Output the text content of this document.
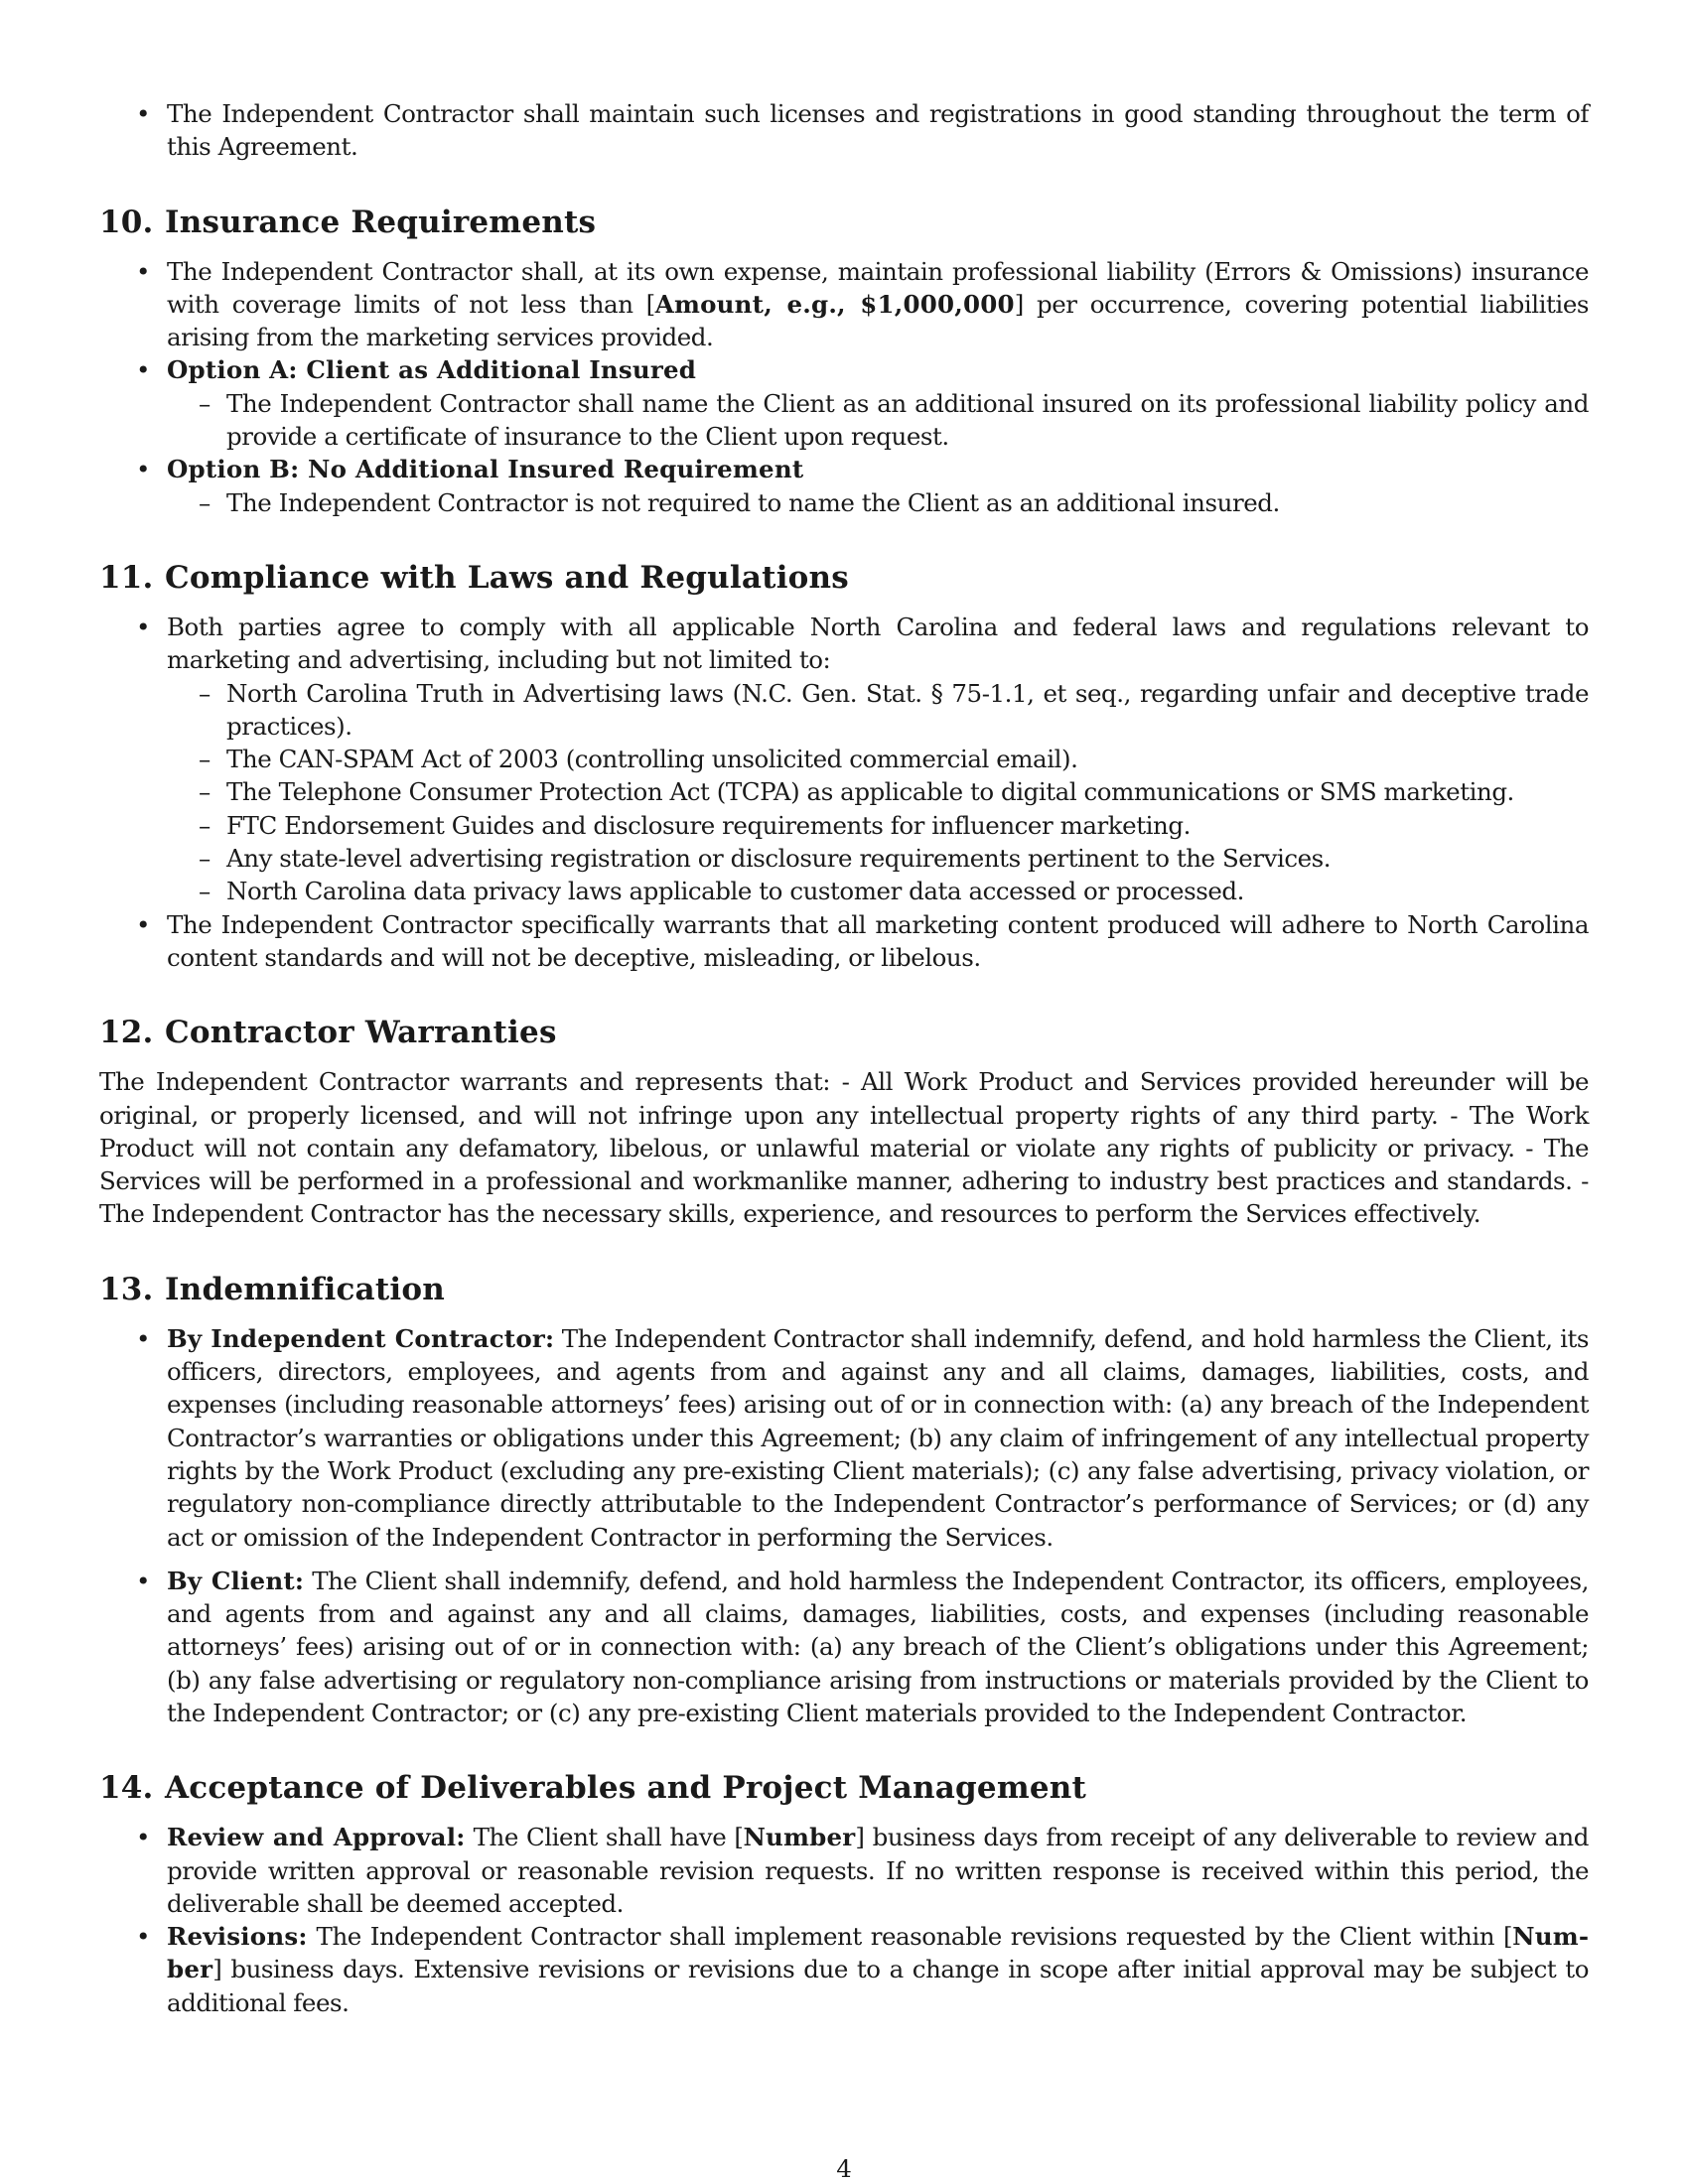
• The Independent Contractor shall maintain such licenses and registrations in good standing throughout the term of this Agreement.
10. Insurance Requirements
• The Independent Contractor shall, at its own expense, maintain professional liability (Errors & Omissions) insurance with coverage limits of not less than [Amount, e.g., $1,000,000] per occurrence, covering potential liabilities arising from the marketing services provided.
• Option A: Client as Additional Insured
– The Independent Contractor shall name the Client as an additional insured on its professional liability policy and provide a certificate of insurance to the Client upon request.
• Option B: No Additional Insured Requirement
– The Independent Contractor is not required to name the Client as an additional insured.
11. Compliance with Laws and Regulations
• Both parties agree to comply with all applicable North Carolina and federal laws and regulations relevant to marketing and advertising, including but not limited to:
– North Carolina Truth in Advertising laws (N.C. Gen. Stat. § 75-1.1, et seq., regarding unfair and deceptive trade practices).
– The CAN-SPAM Act of 2003 (controlling unsolicited commercial email).
– The Telephone Consumer Protection Act (TCPA) as applicable to digital communications or SMS marketing.
– FTC Endorsement Guides and disclosure requirements for influencer marketing.
– Any state-level advertising registration or disclosure requirements pertinent to the Services.
– North Carolina data privacy laws applicable to customer data accessed or processed.
• The Independent Contractor specifically warrants that all marketing content produced will adhere to North Carolina content standards and will not be deceptive, misleading, or libelous.
12. Contractor Warranties

The Independent Contractor warrants and represents that: - All Work Product and Services provided hereunder will be original, or properly licensed, and will not infringe upon any intellectual property rights of any third party. - The Work Product will not contain any defamatory, libelous, or unlawful material or violate any rights of publicity or privacy. - The Services will be performed in a professional and workmanlike manner, adhering to industry best practices and standards. - The Independent Contractor has the necessary skills, experience, and resources to perform the Services effectively.

13. Indemnification
• By Independent Contractor: The Independent Contractor shall indemnify, defend, and hold harmless the Client, its officers, directors, employees, and agents from and against any and all claims, damages, liabilities, costs, and expenses (including reasonable attorneys’ fees) arising out of or in connection with: (a) any breach of the Independent Contractor’s warranties or obligations under this Agreement; (b) any claim of infringement of any intellectual property rights by the Work Product (excluding any pre-existing Client materials); (c) any false advertising, privacy violation, or regulatory non-compliance directly attributable to the Independent Contractor’s performance of Services; or (d) any act or omission of the Independent Contractor in performing the Services.
• By Client: The Client shall indemnify, defend, and hold harmless the Independent Contractor, its officers, employees, and agents from and against any and all claims, damages, liabilities, costs, and expenses (including reasonable attorneys’ fees) arising out of or in connection with: (a) any breach of the Client’s obligations under this Agreement; (b) any false advertising or regulatory non-compliance arising from instructions or materials provided by the Client to the Independent Contractor; or (c) any pre-existing Client materials provided to the Independent Contractor.
14. Acceptance of Deliverables and Project Management
• Review and Approval: The Client shall have [Number] business days from receipt of any deliverable to review and provide written approval or reasonable revision requests. If no written response is received within this period, the deliverable shall be deemed accepted.
• Revisions: The Independent Contractor shall implement reasonable revisions requested by the Client within [Number] business days. Extensive revisions or revisions due to a change in scope after initial approval may be subject to additional fees.
4
